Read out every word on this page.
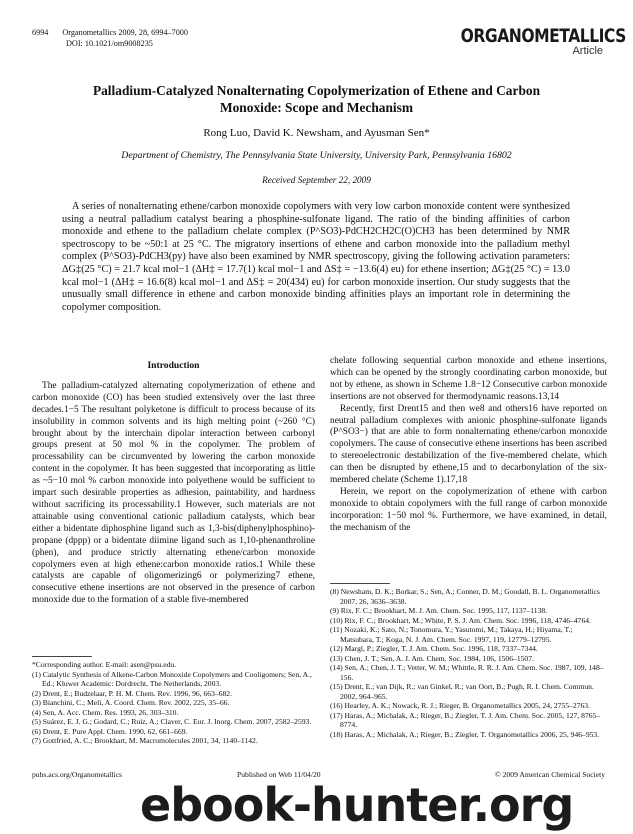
6994 Organometallics 2009, 28, 6994–7000
DOI: 10.1021/om9008235	ORGANOMETALLICS
Article
Palladium-Catalyzed Nonalternating Copolymerization of Ethene and Carbon Monoxide: Scope and Mechanism
Rong Luo, David K. Newsham, and Ayusman Sen*
Department of Chemistry, The Pennsylvania State University, University Park, Pennsylvania 16802
Received September 22, 2009
A series of nonalternating ethene/carbon monoxide copolymers with very low carbon monoxide content were synthesized using a neutral palladium catalyst bearing a phosphine-sulfonate ligand. The ratio of the binding affinities of carbon monoxide and ethene to the palladium chelate complex (P^SO3)-PdCH2CH2C(O)CH3 has been determined by NMR spectroscopy to be ~50:1 at 25 °C. The migratory insertions of ethene and carbon monoxide into the palladium methyl complex (P^SO3)-PdCH3(py) have also been examined by NMR spectroscopy, giving the following activation parameters: ΔG‡(25 °C) = 21.7 kcal mol−1 (ΔH‡ = 17.7(1) kcal mol−1 and ΔS‡ = −13.6(4) eu) for ethene insertion; ΔG‡(25 °C) = 13.0 kcal mol−1 (ΔH‡ = 16.6(8) kcal mol−1 and ΔS‡ = 20(434) eu) for carbon monoxide insertion. Our study suggests that the unusually small difference in ethene and carbon monoxide binding affinities plays an important role in determining the copolymer composition.
Introduction

The palladium-catalyzed alternating copolymerization of ethene and carbon monoxide (CO) has been studied extensively over the last three decades.1−5 The resultant polyketone is difficult to process because of its insolubility in common solvents and its high melting point (~260 °C) brought about by the interchain dipolar interaction between carbonyl groups present at 50 mol % in the copolymer. The problem of processability can be circumvented by lowering the carbon monoxide content in the copolymer. It has been suggested that incorporating as little as ~5−10 mol % carbon monoxide into polyethene would be sufficient to impart such desirable properties as adhesion, paintability, and hardness without sacrificing its processability.1 However, such materials are not attainable using conventional cationic palladium catalysts, which bear either a bidentate diphosphine ligand such as 1,3-bis(diphenylphosphino)-propane (dppp) or a bidentate diimine ligand such as 1,10-phenanthroline (phen), and produce strictly alternating ethene/carbon monoxide copolymers even at high ethene:carbon monoxide ratios.1 While these catalysts are capable of oligomerizing6 or polymerizing7 ethene, consecutive ethene insertions are not observed in the presence of carbon monoxide due to the formation of a stable five-membered

chelate following sequential carbon monoxide and ethene insertions, which can be opened by the strongly coordinating carbon monoxide, but not by ethene, as shown in Scheme 1.8−12 Consecutive carbon monoxide insertions are not observed for thermodynamic reasons.13,14

Recently, first Drent15 and then we8 and others16 have reported on neutral palladium complexes with anionic phosphine-sulfonate ligands (P^SO3−) that are able to form nonalternating ethene/carbon monoxide copolymers. The cause of consecutive ethene insertions has been ascribed to stereoelectronic destabilization of the five-membered chelate, which can then be disrupted by ethene,15 and to decarbonylation of the six-membered chelate (Scheme 1).17,18

Herein, we report on the copolymerization of ethene with carbon monoxide to obtain copolymers with the full range of carbon monoxide incorporation: 1−50 mol %. Furthermore, we have examined, in detail, the mechanism of the

*Corresponding author. E-mail: asen@psu.edu.
(1) Catalytic Synthesis of Alkene-Carbon Monoxide Copolymers and Cooligomers; Sen, A., Ed.; Kluwer Academic: Dordrecht, The Netherlands, 2003.
(2) Drent, E.; Budzelaar, P. H. M. Chem. Rev. 1996, 96, 663–682.
(3) Bianchini, C.; Meli, A. Coord. Chem. Rev. 2002, 225, 35–66.
(4) Sen, A. Acc. Chem. Res. 1993, 26, 303–310.
(5) Suárez, E. J. G.; Godard, C.; Ruiz, A.; Claver, C. Eur. J. Inorg. Chem. 2007, 2582–2593.
(6) Drent, E. Pure Appl. Chem. 1990, 62, 661–669.
(7) Gottfried, A. C.; Brookhart, M. Macromolecules 2001, 34, 1140–1142.
(8) Newsham, D. K.; Borkar, S.; Sen, A.; Conner, D. M.; Goodall, B. L. Organometallics 2007, 26, 3636–3638.
(9) Rix, F. C.; Brookhart, M. J. Am. Chem. Soc. 1995, 117, 1137–1138.
(10) Rix, F. C.; Brookhart, M.; White, P. S. J. Am. Chem. Soc. 1996, 118, 4746–4764.
(11) Nozaki, K.; Sato, N.; Tonomura, Y.; Yasutomi, M.; Takaya, H.; Hiyama, T.; Matsubara, T.; Koga, N. J. Am. Chem. Soc. 1997, 119, 12779–12795.
(12) Margl, P.; Ziegler, T. J. Am. Chem. Soc. 1996, 118, 7337–7344.
(13) Chen, J. T.; Sen, A. J. Am. Chem. Soc. 1984, 106, 1506–1507.
(14) Sen, A.; Chen, J. T.; Vetter, W. M.; Whittle, R. R. J. Am. Chem. Soc. 1987, 109, 148–156.
(15) Drent, E.; van Dijk, R.; van Ginkel, R.; van Oort, B.; Pugh, R. I. Chem. Commun. 2002, 964–965.
(16) Hearley, A. K.; Nowack, R. J.; Rieger, B. Organometallics 2005, 24, 2755–2763.
(17) Haras, A.; Michalak, A.; Rieger, B.; Ziegler, T. J. Am. Chem. Soc. 2005, 127, 8765–8774.
(18) Haras, A.; Michalak, A.; Rieger, B.; Ziegler, T. Organometallics 2006, 25, 946–953.
pubs.acs.org/Organometallics	Published on Web 11/04/20	© 2009 American Chemical Society
ebook-hunter.org
